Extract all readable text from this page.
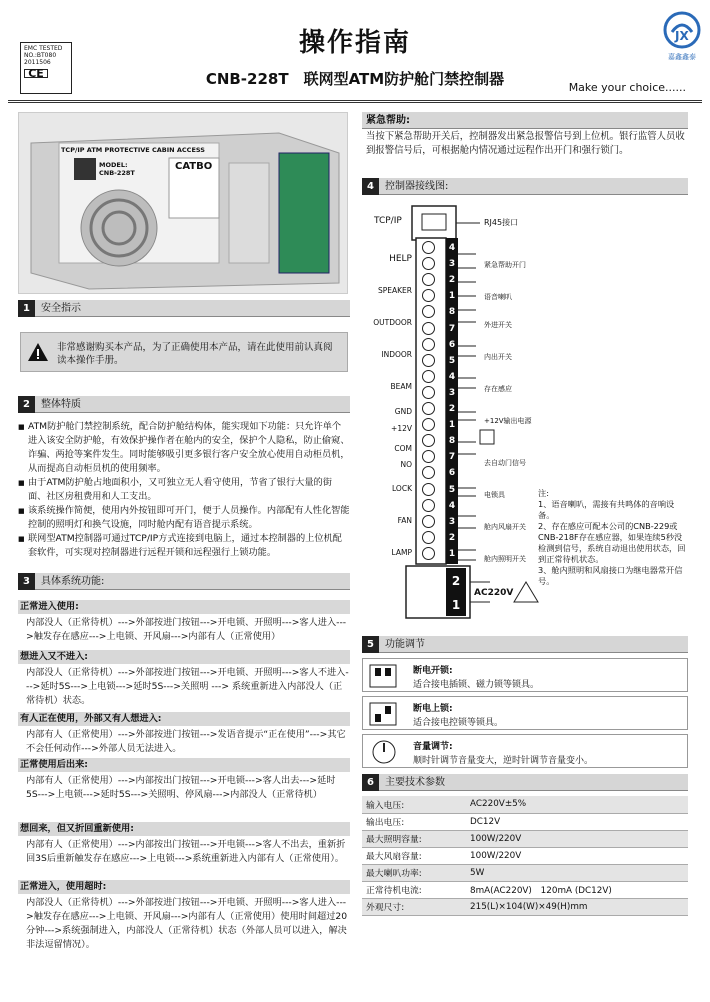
EMC TESTED
NO.:BT080
2011506
CE
操作指南
CNB-228T　联网型ATM防护舱门禁控制器	Make your choice......
JX
嘉鑫鑫泰
TCP/IP ATM PROTECTIVE CABIN ACCESS
CATBO
MODEL:
CNB-228T
1 安全指示
非常感谢购买本产品，为了正确使用本产品，请在此使用前认真阅读本操作手册。
2 整体特质
■ ATM防护舱门禁控制系统，配合防护舱结构体，能实现如下功能：只允许单个进入该安全防护舱，有效保护操作者在舱内的安全，保护个人隐私，防止偷窥、诈骗、两抢等案件发生。同时能够吸引更多银行客户安全放心使用自动柜员机，从而提高自动柜员机的使用频率。
■ 由于ATM防护舱占地面积小，又可独立无人看守使用，节省了银行大量的街面、社区房租费用和人工支出。
■ 该系统操作简便，使用内外按钮即可开门，便于人员操作。内部配有人性化智能控制的照明灯和换气设施，同时舱内配有语音提示系统。
■ 联网型ATM控制器可通过TCP/IP方式连接到电脑上，通过本控制器的上位机配套软件，可实现对控制器进行远程开锁和远程强行上锁功能。
3 具体系统功能:
正常进入使用:
内部没人（正常待机）--->外部按进门按钮--->开电锁、开照明--->客人进入--->触发存在感应--->上电锁、开风扇--->内部有人（正常使用）
想进入又不进入:
内部没人（正常待机）--->外部按进门按钮--->开电锁、开照明--->客人不进入--->延时5S--->上电锁--->延时5S--->关照明 ---> 系统重新进入内部没人（正常待机）状态。
有人正在使用，外部又有人想进入:
内部有人（正常使用）--->外部按进门按钮--->发语音提示“正在使用”--->其它不会任何动作--->外部人员无法进入。
正常使用后出来:
内部有人（正常使用）--->内部按出门按钮--->开电锁--->客人出去--->延时5S--->上电锁--->延时5S--->关照明、停风扇--->内部没人（正常待机）
想回来，但又折回重新使用:
内部有人（正常使用）--->内部按出门按钮--->开电锁--->客人不出去，重新折回3S后重新触发存在感应--->上电锁--->系统重新进入内部有人（正常使用）。
正常进入，使用超时:
内部没人（正常待机）--->外部按进门按钮--->开电锁、开照明--->客人进入--->触发存在感应--->上电锁、开风扇--->内部有人（正常使用）使用时间超过20分钟--->系统强制进入，内部没人（正常待机）状态（外部人员可以进入，解决非法逗留情况）。
紧急帮助:
当按下紧急帮助开关后，控制器发出紧急报警信号到上位机。银行监管人员收到报警信号后，可根据舱内情况通过远程作出开门和强行锁门。
4 控制器接线图:
TCP/IP	RJ45接口
HELP
SPEAKER
OUTDOOR
INDOOR
BEAM
GND
+12V
COM
NO
LOCK
FAN
LAMP
紧急帮助开门
语音喇叭
外进开关
内出开关
存在感应
+12V输出电源
去自动门信号
电锁具
舱内风扇开关
舱内照明开关
AC220V
注:
1、语音喇叭，需接有共鸣体的音响设备。
2、存在感应可配本公司的CNB-229或CNB-218F存在感应器，如果连续5秒没检测到信号，系统自动退出使用状态，回到正常待机状态。
3、舱内照明和风扇接口为继电器常开信号。
5 功能调节
断电开锁:
适合接电插锁、磁力锁等锁具。
断电上锁:
适合接电控锁等锁具。
音量调节:
顺时针调节音量变大，逆时针调节音量变小。
6 主要技术参数
输入电压:	AC220V±5%
输出电压:	DC12V
最大照明容量:	100W/220V
最大风扇容量:	100W/220V
最大喇叭功率:	5W
正常待机电流:	8mA(AC220V)　120mA (DC12V)
外观尺寸:	215(L)×104(W)×49(H)mm
4
3
2
1
8
7
6
5
4
3
2
1
8
7
6
5
4
3
2
1
2
1
